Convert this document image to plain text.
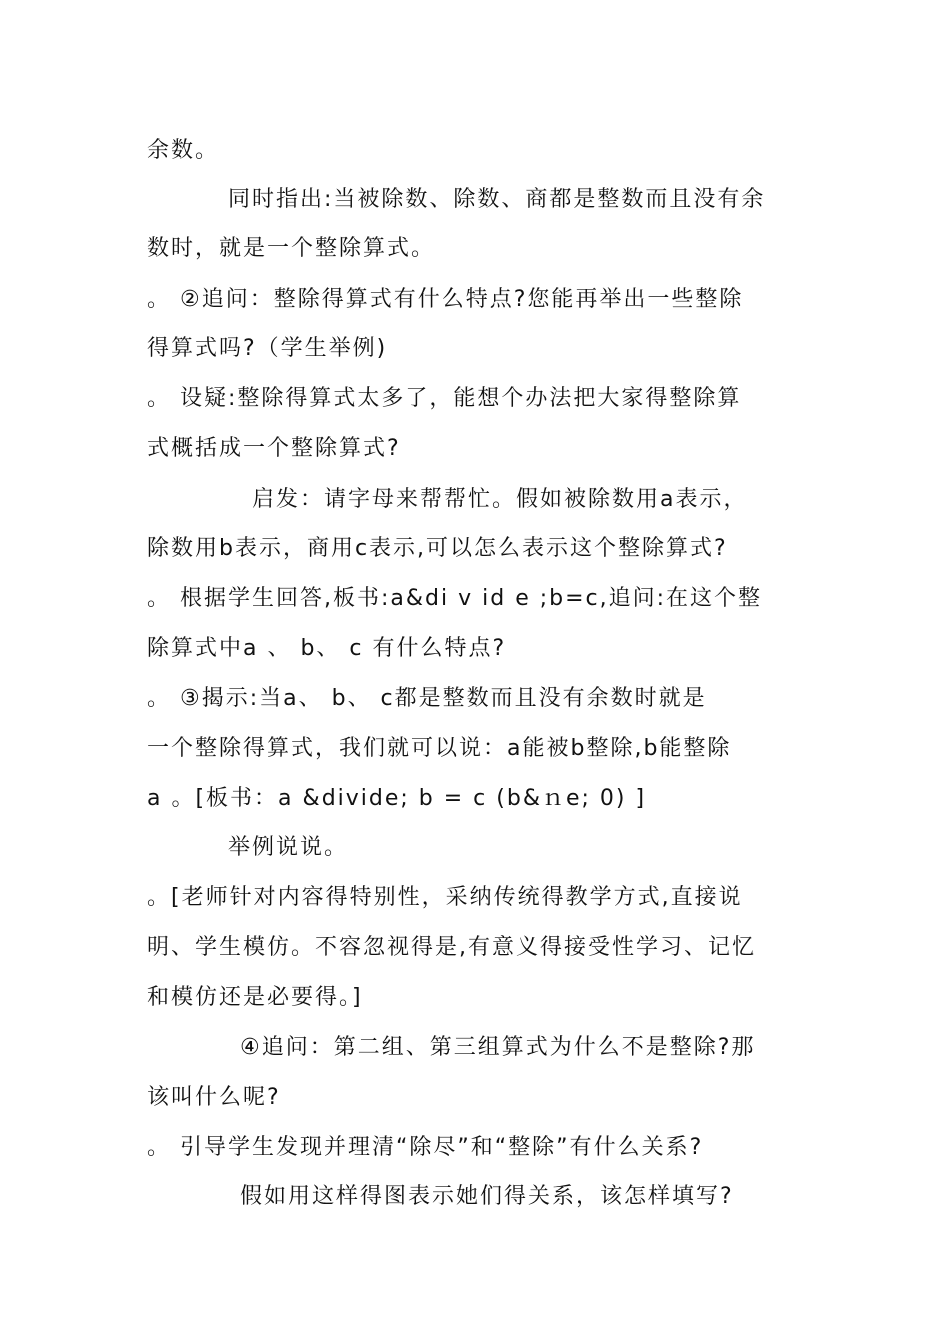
余数。
同时指出:当被除数、除数、商都是整数而且没有余
数时，就是一个整除算式。
。 ②追问：整除得算式有什么特点?您能再举出一些整除
得算式吗?（学生举例)
。 设疑:整除得算式太多了，能想个办法把大家得整除算
式概括成一个整除算式?
启发：请字母来帮帮忙。假如被除数用a表示，
除数用b表示，商用c表示,可以怎么表示这个整除算式?
。 根据学生回答,板书:a&di v id e ;b=c,追问:在这个整
除算式中a 、 b、 c 有什么特点?
。 ③揭示:当a、 b、 c都是整数而且没有余数时就是
一个整除得算式，我们就可以说：a能被b整除,b能整除
a 。[板书：a &divide; b = c (b&ｎe; 0) ]
举例说说。
。[老师针对内容得特别性，采纳传统得教学方式,直接说
明、学生模仿。不容忽视得是,有意义得接受性学习、记忆
和模仿还是必要得。]
④追问：第二组、第三组算式为什么不是整除?那
该叫什么呢?
。 引导学生发现并理清“除尽”和“整除”有什么关系?
假如用这样得图表示她们得关系，该怎样填写?
